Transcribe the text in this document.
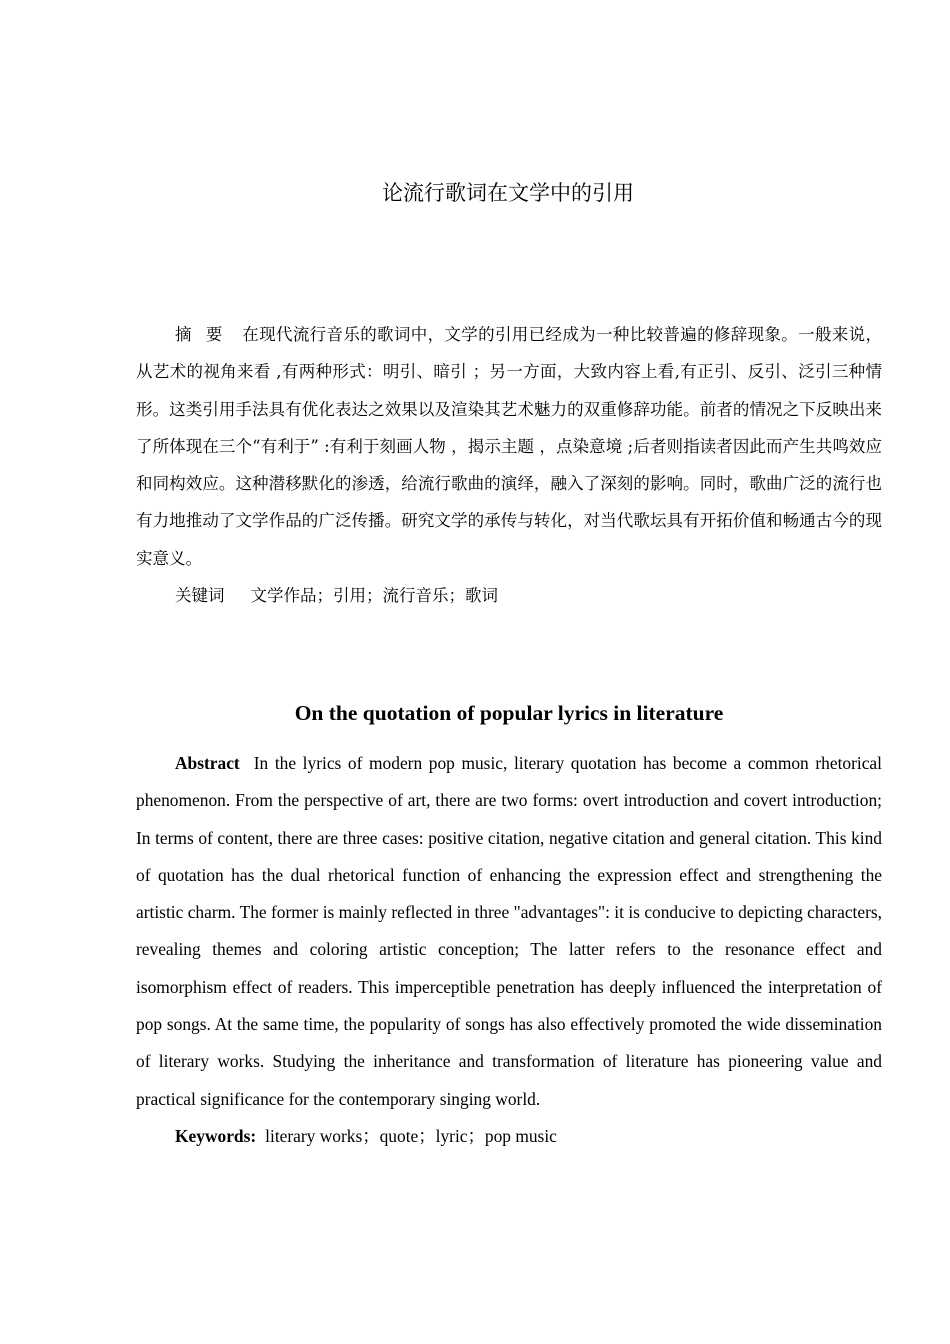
论流行歌词在文学中的引用

摘要 在现代流行音乐的歌词中，文学的引用已经成为一种比较普遍的修辞现象。一般来说，从艺术的视角来看 ,有两种形式：明引、暗引 ；另一方面，大致内容上看,有正引、反引、泛引三种情形。这类引用手法具有优化表达之效果以及渲染其艺术魅力的双重修辞功能。前者的情况之下反映出来了所体现在三个“有利于” :有利于刻画人物 ，揭示主题 ，点染意境 ;后者则指读者因此而产生共鸣效应和同构效应。这种潜移默化的渗透，给流行歌曲的演绎，融入了深刻的影响。同时，歌曲广泛的流行也有力地推动了文学作品的广泛传播。研究文学的承传与转化，对当代歌坛具有开拓价值和畅通古今的现实意义。

关键词 文学作品；引用；流行音乐；歌词

On the quotation of popular lyrics in literature

Abstract In the lyrics of modern pop music, literary quotation has become a common rhetorical phenomenon. From the perspective of art, there are two forms: overt introduction and covert introduction; In terms of content, there are three cases: positive citation, negative citation and general citation. This kind of quotation has the dual rhetorical function of enhancing the expression effect and strengthening the artistic charm. The former is mainly reflected in three "advantages": it is conducive to depicting characters, revealing themes and coloring artistic conception; The latter refers to the resonance effect and isomorphism effect of readers. This imperceptible penetration has deeply influenced the interpretation of pop songs. At the same time, the popularity of songs has also effectively promoted the wide dissemination of literary works. Studying the inheritance and transformation of literature has pioneering value and practical significance for the contemporary singing world.

Keywords: literary works；quote；lyric；pop music
